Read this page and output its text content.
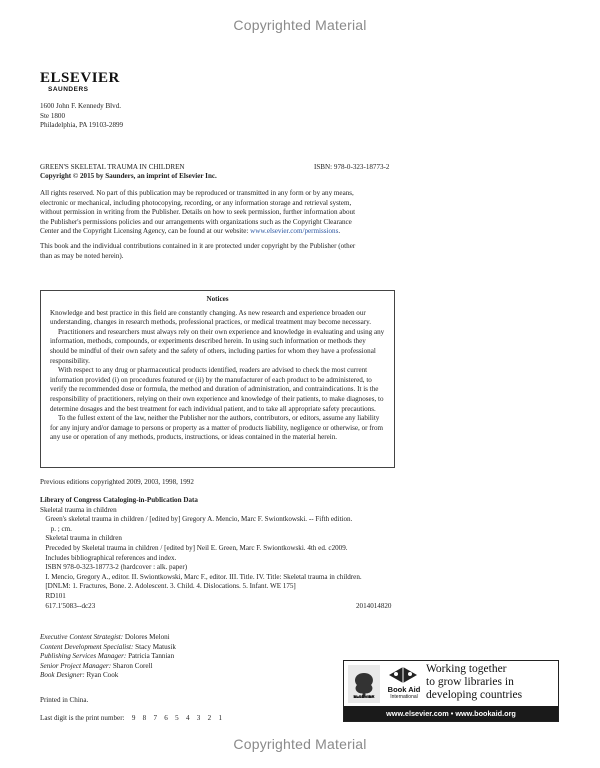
Copyrighted Material
ELSEVIER
SAUNDERS
1600 John F. Kennedy Blvd.
Ste 1800
Philadelphia, PA 19103-2899
GREEN'S SKELETAL TRAUMA IN CHILDREN	ISBN: 978-0-323-18773-2
Copyright © 2015 by Saunders, an imprint of Elsevier Inc.
All rights reserved. No part of this publication may be reproduced or transmitted in any form or by any means,
electronic or mechanical, including photocopying, recording, or any information storage and retrieval system,
without permission in writing from the Publisher. Details on how to seek permission, further information about
the Publisher's permissions policies and our arrangements with organizations such as the Copyright Clearance
Center and the Copyright Licensing Agency, can be found at our website: www.elsevier.com/permissions.
This book and the individual contributions contained in it are protected under copyright by the Publisher (other
than as may be noted herein).
Notices

Knowledge and best practice in this field are constantly changing. As new research and experience broaden our understanding, changes in research methods, professional practices, or medical treatment may become necessary.

Practitioners and researchers must always rely on their own experience and knowledge in evaluating and using any information, methods, compounds, or experiments described herein. In using such information or methods they should be mindful of their own safety and the safety of others, including parties for whom they have a professional responsibility.

With respect to any drug or pharmaceutical products identified, readers are advised to check the most current information provided (i) on procedures featured or (ii) by the manufacturer of each product to be administered, to verify the recommended dose or formula, the method and duration of administration, and contraindications. It is the responsibility of practitioners, relying on their own experience and knowledge of their patients, to make diagnoses, to determine dosages and the best treatment for each individual patient, and to take all appropriate safety precautions.

To the fullest extent of the law, neither the Publisher nor the authors, contributors, or editors, assume any liability for any injury and/or damage to persons or property as a matter of products liability, negligence or otherwise, or from any use or operation of any methods, products, instructions, or ideas contained in the material herein.

Previous editions copyrighted 2009, 2003, 1998, 1992
Library of Congress Cataloging-in-Publication Data
Skeletal trauma in children
Green's skeletal trauma in children / [edited by] Gregory A. Mencio, Marc F. Swiontkowski. -- Fifth edition.
p. ; cm.
Skeletal trauma in children
Preceded by Skeletal trauma in children / [edited by] Neil E. Green, Marc F. Swiontkowski. 4th ed. c2009.
Includes bibliographical references and index.
ISBN 978-0-323-18773-2 (hardcover : alk. paper)
I. Mencio, Gregory A., editor. II. Swiontkowski, Marc F., editor. III. Title. IV. Title: Skeletal trauma in children.
[DNLM: 1. Fractures, Bone. 2. Adolescent. 3. Child. 4. Dislocations. 5. Infant. WE 175]
RD101
617.1'5083--dc23	2014014820
Executive Content Strategist: Dolores Meloni
Content Development Specialist: Stacy Matusik
Publishing Services Manager: Patricia Tannian
Senior Project Manager: Sharon Corell
Book Designer: Ryan Cook
Printed in China.
Last digit is the print number: 9 8 7 6 5 4 3 2 1
ELSEVIER
Book Aid
International
Working together
to grow libraries in
developing countries
www.elsevier.com • www.bookaid.org
Copyrighted Material
